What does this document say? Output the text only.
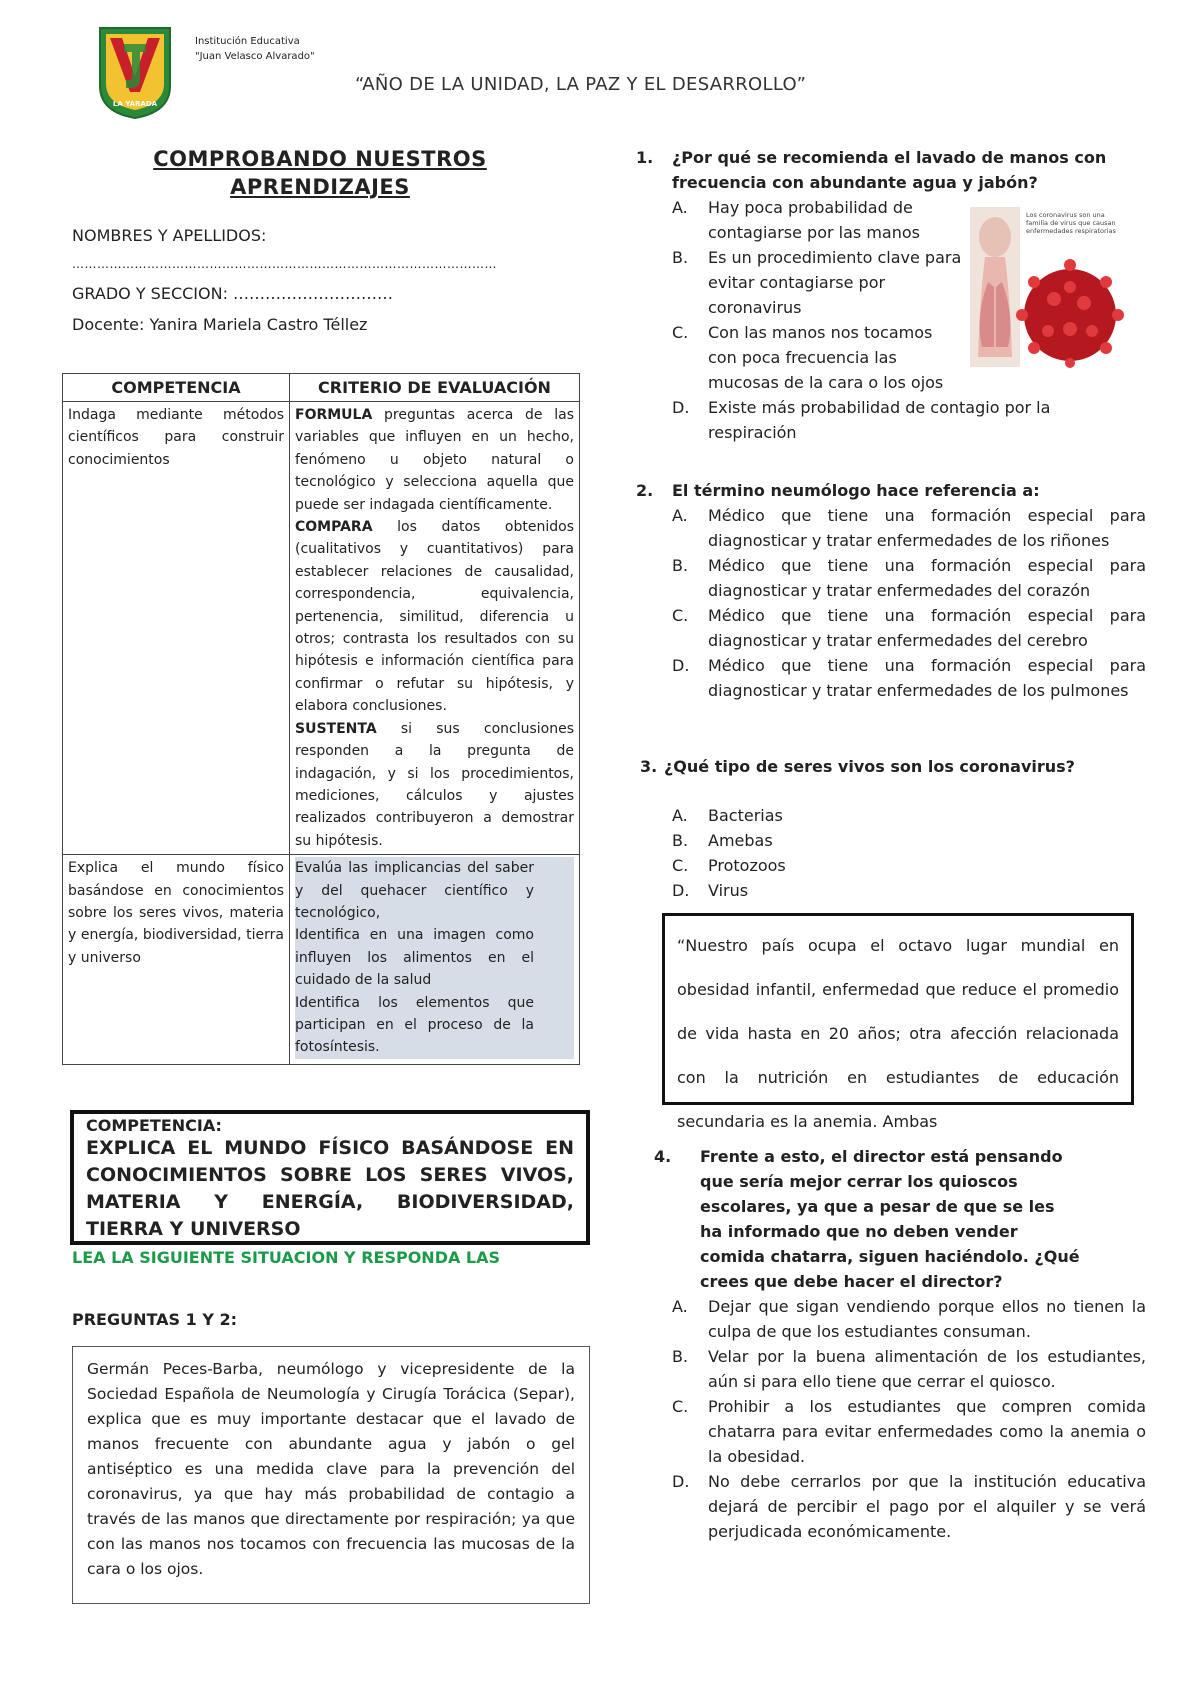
LA YARADA
Institución Educativa
"Juan Velasco Alvarado"
“AÑO DE LA UNIDAD, LA PAZ Y EL DESARROLLO”
COMPROBANDO NUESTROS
APRENDIZAJES
NOMBRES Y APELLIDOS:
…………………………………………………………………………………………
GRADO Y SECCION: …………………………
Docente: Yanira Mariela Castro Téllez
COMPETENCIA	CRITERIO DE EVALUACIÓN
Indaga mediante métodos científicos para construir conocimientos	FORMULA preguntas acerca de las variables que influyen en un hecho, fenómeno u objeto natural o tecnológico y selecciona aquella que puede ser indagada científicamente.
COMPARA los datos obtenidos (cualitativos y cuantitativos) para establecer relaciones de causalidad, correspondencia, equivalencia, pertenencia, similitud, diferencia u otros; contrasta los resultados con su hipótesis e información científica para confirmar o refutar su hipótesis, y elabora conclusiones.
SUSTENTA si sus conclusiones responden a la pregunta de indagación, y si los procedimientos, mediciones, cálculos y ajustes realizados contribuyeron a demostrar su hipótesis.

Explica el mundo físico basándose en conocimientos sobre los seres vivos, materia y energía, biodiversidad, tierra y universo	Evalúa las implicancias del saber y del quehacer científico y tecnológico,
Identifica en una imagen como influyen los alimentos en el cuidado de la salud
Identifica los elementos que participan en el proceso de la fotosíntesis.
COMPETENCIA:
EXPLICA EL MUNDO FÍSICO BASÁNDOSE EN CONOCIMIENTOS SOBRE LOS SERES VIVOS, MATERIA Y ENERGÍA, BIODIVERSIDAD, TIERRA Y UNIVERSO
LEA LA SIGUIENTE SITUACION Y RESPONDA LAS
PREGUNTAS 1 Y 2:
Germán Peces-Barba, neumólogo y vicepresidente de la Sociedad Española de Neumología y Cirugía Torácica (Separ), explica que es muy importante destacar que el lavado de manos frecuente con abundante agua y jabón o gel antiséptico es una medida clave para la prevención del coronavirus, ya que hay más probabilidad de contagio a través de las manos que directamente por respiración; ya que con las manos nos tocamos con frecuencia las mucosas de la cara o los ojos.
1.	¿Por qué se recomienda el lavado de manos con frecuencia con abundante agua y jabón?
A.	Hay poca probabilidad de contagiarse por las manos
B.	Es un procedimiento clave para evitar contagiarse por coronavirus
C.	Con las manos nos tocamos con poca frecuencia las mucosas de la cara o los ojos
D.	Existe más probabilidad de contagio por la respiración
Los coronavirus son una familia de virus que causan enfermedades respiratorias
2.	El término neumólogo hace referencia a:
A.	Médico que tiene una formación especial para diagnosticar y tratar enfermedades de los riñones
B.	Médico que tiene una formación especial para diagnosticar y tratar enfermedades del corazón
C.	Médico que tiene una formación especial para diagnosticar y tratar enfermedades del cerebro
D.	Médico que tiene una formación especial para diagnosticar y tratar enfermedades de los pulmones
3. ¿Qué tipo de seres vivos son los coronavirus?
A.	Bacterias
B.	Amebas
C.	Protozoos
D.	Virus
“Nuestro país ocupa el octavo lugar mundial en obesidad infantil, enfermedad que reduce el promedio de vida hasta en 20 años; otra afección relacionada con la nutrición en estudiantes de educación secundaria es la anemia. Ambas
4.	Frente a esto, el director está pensando que sería mejor cerrar los quioscos escolares, ya que a pesar de que se les ha informado que no deben vender comida chatarra, siguen haciéndolo. ¿Qué crees que debe hacer el director?
A.	Dejar que sigan vendiendo porque ellos no tienen la culpa de que los estudiantes consuman.
B.	Velar por la buena alimentación de los estudiantes, aún si para ello tiene que cerrar el quiosco.
C.	Prohibir a los estudiantes que compren comida chatarra para evitar enfermedades como la anemia o la obesidad.
D.	No debe cerrarlos por que la institución educativa dejará de percibir el pago por el alquiler y se verá perjudicada económicamente.
